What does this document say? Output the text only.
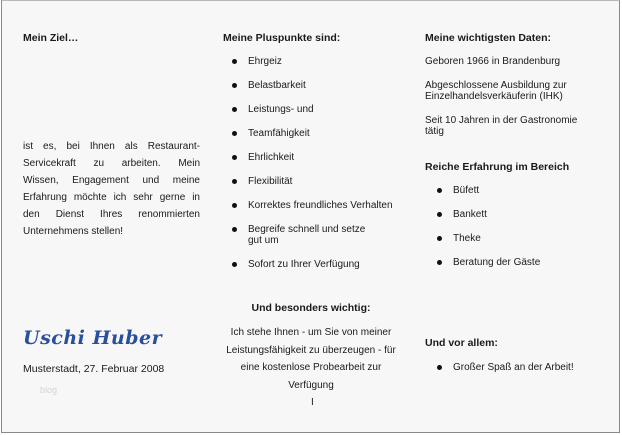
Mein Ziel…
ist es, bei Ihnen als Restaurant-
Servicekraft zu arbeiten. Mein
Wissen, Engagement und meine
Erfahrung möchte ich sehr gerne in
den Dienst Ihres renommierten
Unternehmens stellen!
Uschi Huber
Musterstadt, 27. Februar 2008
blog
Meine Pluspunkte sind:
Ehrgeiz
Belastbarkeit
Leistungs- und
Teamfähigkeit
Ehrlichkeit
Flexibilität
Korrektes freundliches Verhalten
Begreife schnell und setze gut um
Sofort zu Ihrer Verfügung
Und besonders wichtig:
Ich stehe Ihnen - um Sie von meiner
Leistungsfähigkeit zu überzeugen - für
eine kostenlose Probearbeit zur
Verfügung
I
Meine wichtigsten Daten:
Geboren 1966 in Brandenburg
Abgeschlossene Ausbildung zur Einzelhandelsverkäuferin (IHK)
Seit 10 Jahren in der Gastronomie tätig
Reiche Erfahrung im Bereich
Büfett
Bankett
Theke
Beratung der Gäste
Und vor allem:
Großer Spaß an der Arbeit!
